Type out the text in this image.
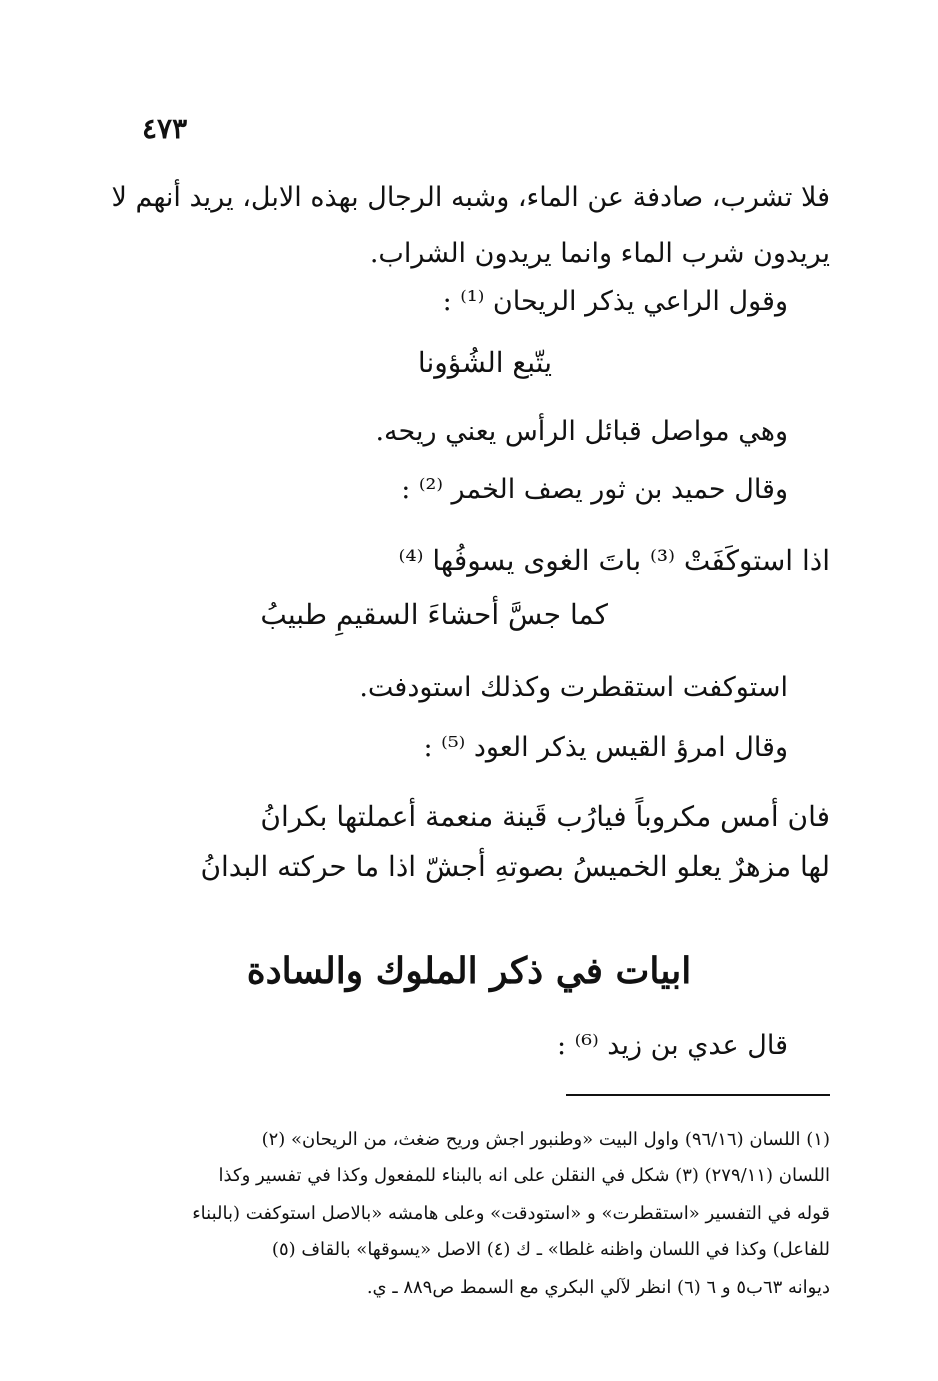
٤٧٣
فلا تشرب، صادفة عن الماء، وشبه الرجال بهذه الابل، يريد أنهم لا
يريدون شرب الماء وانما يريدون الشراب.
وقول الراعي يذكر الريحان ⁽¹⁾ :
يتّبع الشُؤونا
وهي مواصل قبائل الرأس يعني ريحه.
وقال حميد بن ثور يصف الخمر ⁽²⁾ :
اذا استوكَفَتْ ⁽³⁾ باتَ الغوى يسوفُها ⁽⁴⁾
كما جسَّ أحشاءَ السقيمِ طبيبُ
استوكفت استقطرت وكذلك استودفت.
وقال امرؤ القيس يذكر العود ⁽⁵⁾ :
فان أمس مكروباً فيارُب قَينة منعمة أعملتها بكرانُ
لها مزهرٌ يعلو الخميسُ بصوتهِ أجشّ اذا ما حركته البدانُ
ابيات في ذكر الملوك والسادة
قال عدي بن زيد ⁽⁶⁾ :
(١) اللسان (٩٦/١٦) واول البيت «وطنبور اجش وريح ضغث، من الريحان» (٢)
اللسان (٢٧٩/١١) (٣) شكل في النقلن على انه بالبناء للمفعول وكذا في تفسير وكذا
قوله في التفسير «استقطرت» و «استودقت» وعلى هامشه «بالاصل استوكفت (بالبناء
للفاعل) وكذا في اللسان واظنه غلطا» ـ ك (٤) الاصل «يسوقها» بالقاف (٥)
ديوانه ٦٣ب٥ و ٦ (٦) انظر لآلي البكري مع السمط ص٨٨٩ ـ ي.
